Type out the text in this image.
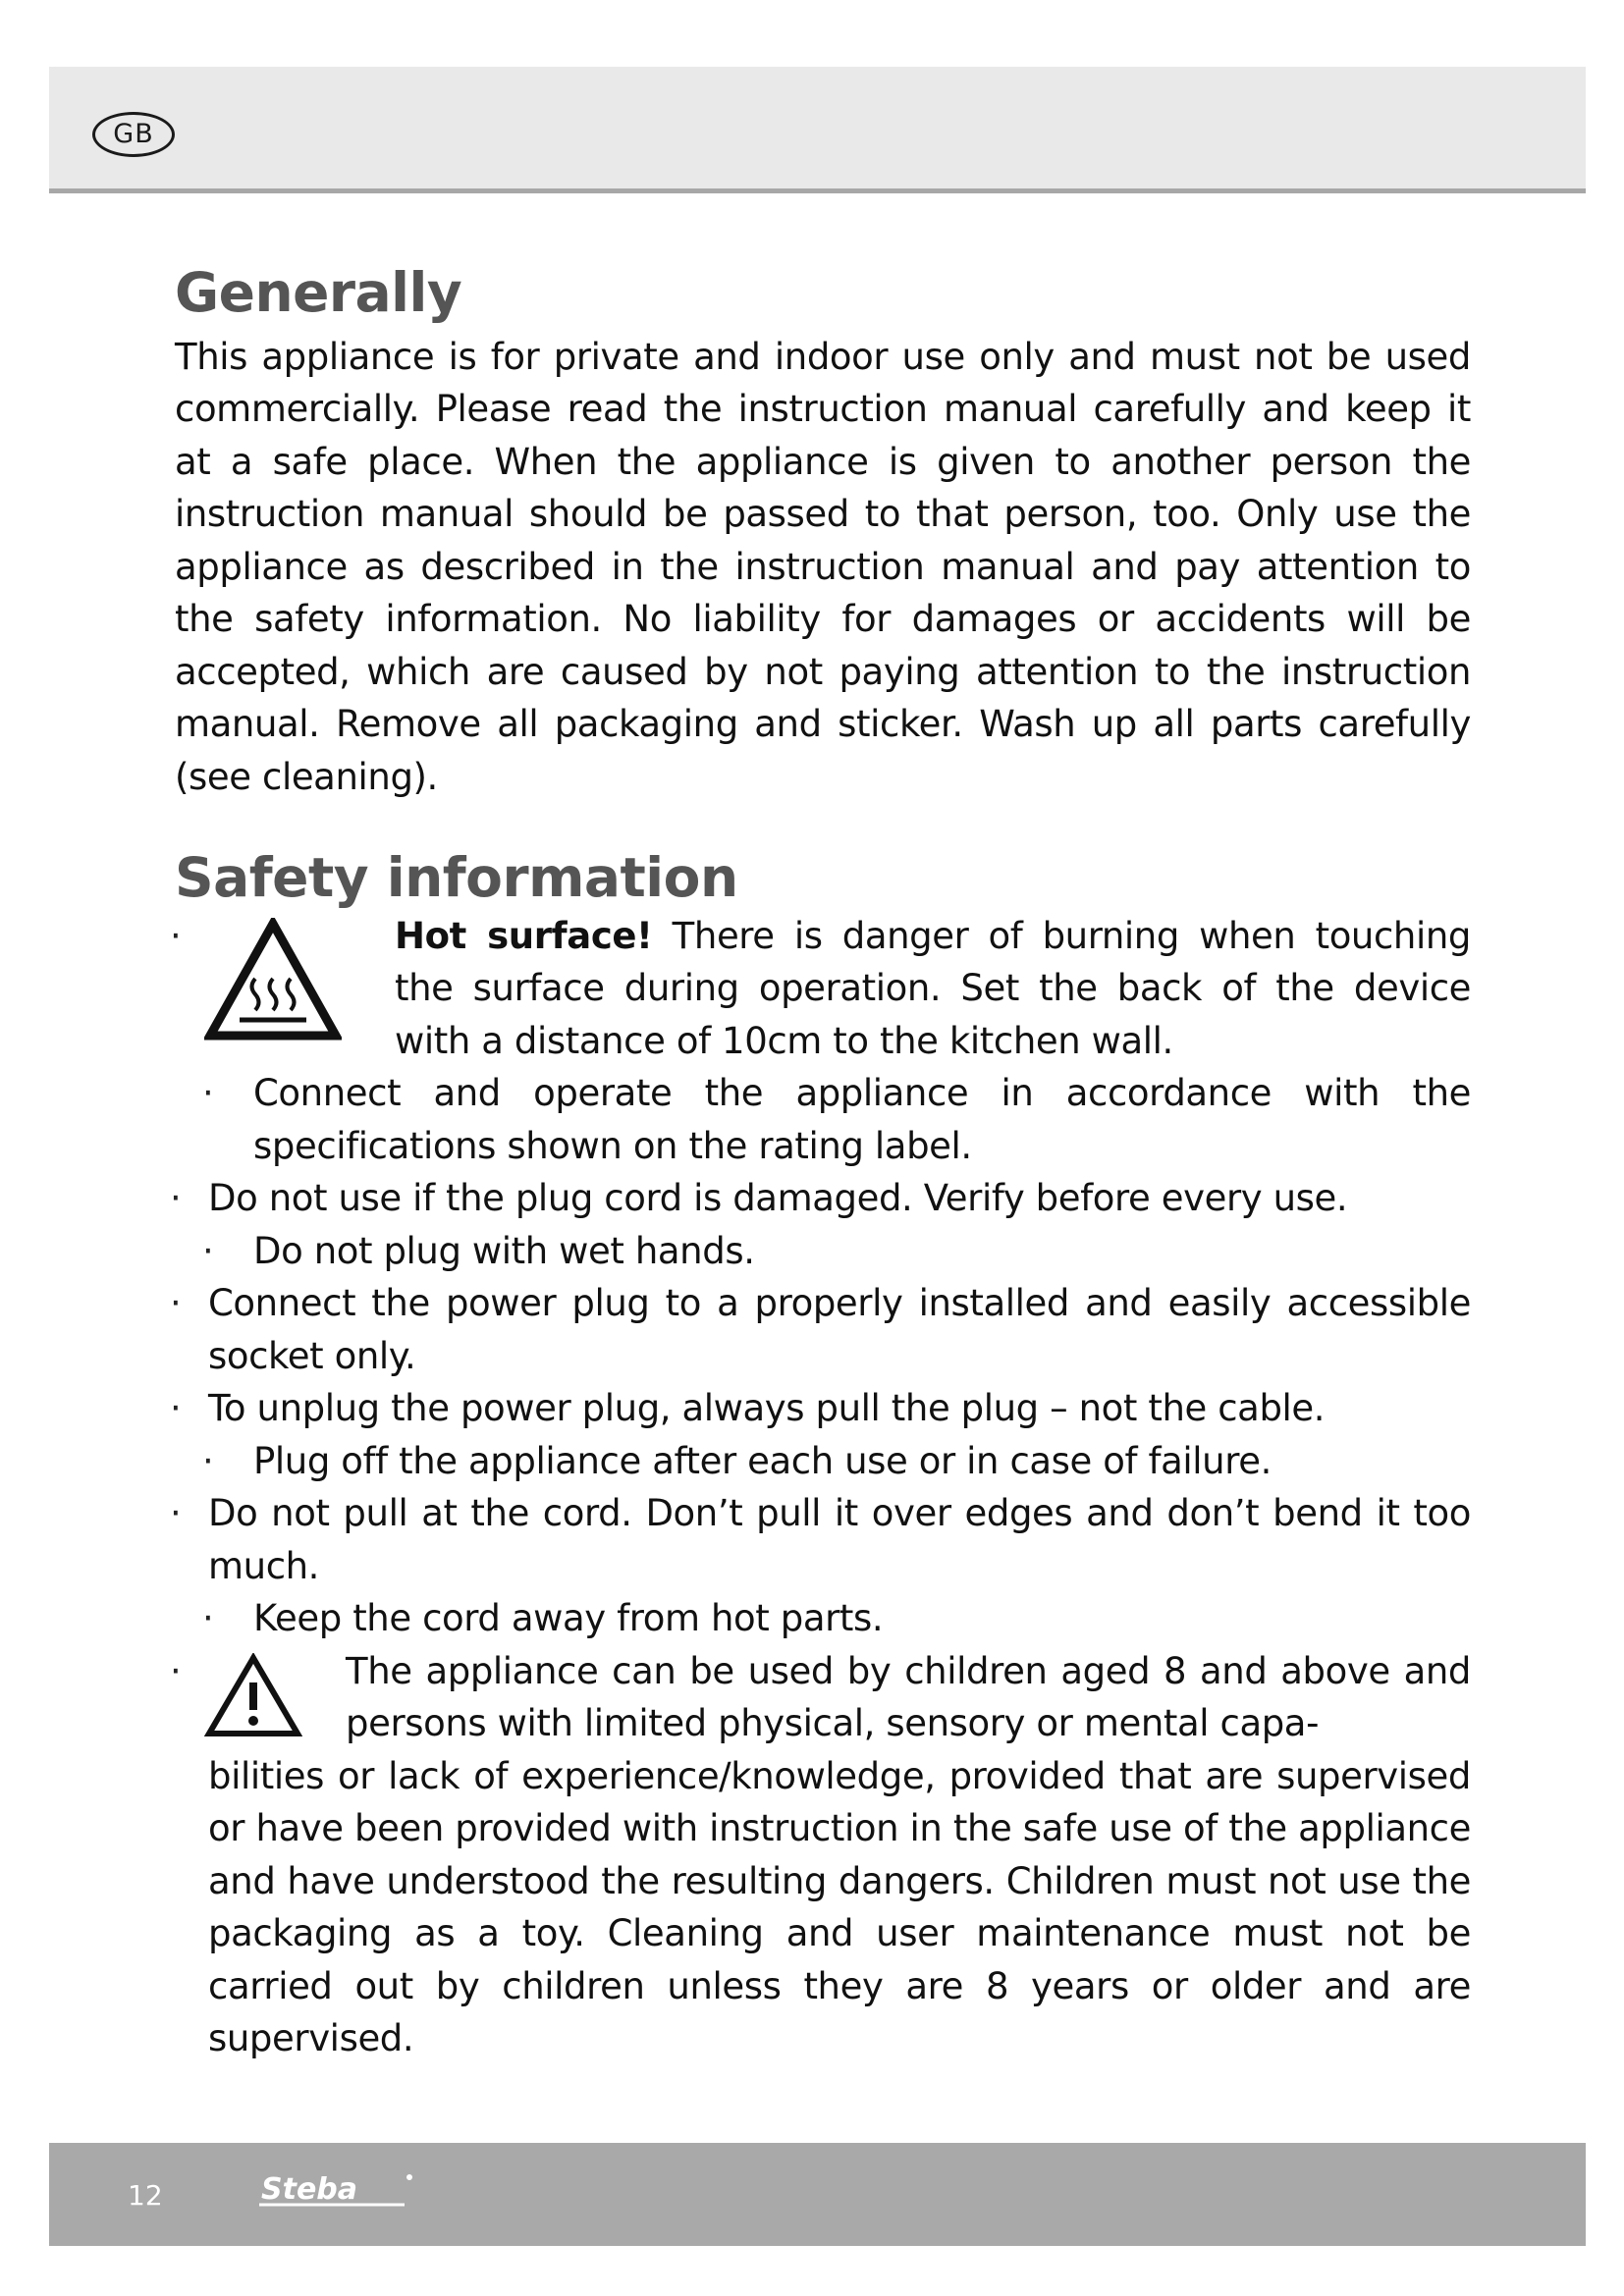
GB
Generally

This appliance is for private and indoor use only and must not be used commercially. Please read the instruction manual carefully and keep it at a safe place. When the appliance is given to another person the instruction manual should be passed to that person, too. Only use the appliance as described in the instruction manual and pay attention to the safety information. No liability for damages or accidents will be accepted, which are caused by not paying attention to the instruction manual. Remove all packaging and sticker. Wash up all parts carefully (see cleaning).

Safety information
·	Hot surface! There is danger of burning when touching the surface during operation. Set the back of the device with a distance of 10cm to the kitchen wall.
· Connect and operate the appliance in accordance with the specifications shown on the rating label.
· Do not use if the plug cord is damaged. Verify before every use.
· Do not plug with wet hands.
· Connect the power plug to a properly installed and easily accessible socket only.
· To unplug the power plug, always pull the plug – not the cable.
· Plug off the appliance after each use or in case of failure.
· Do not pull at the cord. Don’t pull it over edges and don’t bend it too much.
· Keep the cord away from hot parts.
·	The appliance can be used by children aged 8 and above and persons with limited physical, sensory or mental capa-
bilities or lack of experience/knowledge, provided that are supervised or have been provided with instruction in the safe use of the appliance and have understood the resulting dangers. Children must not use the packaging as a toy. Cleaning and user maintenance must not be carried out by children unless they are 8 years or older and are supervised.
12	Steba
